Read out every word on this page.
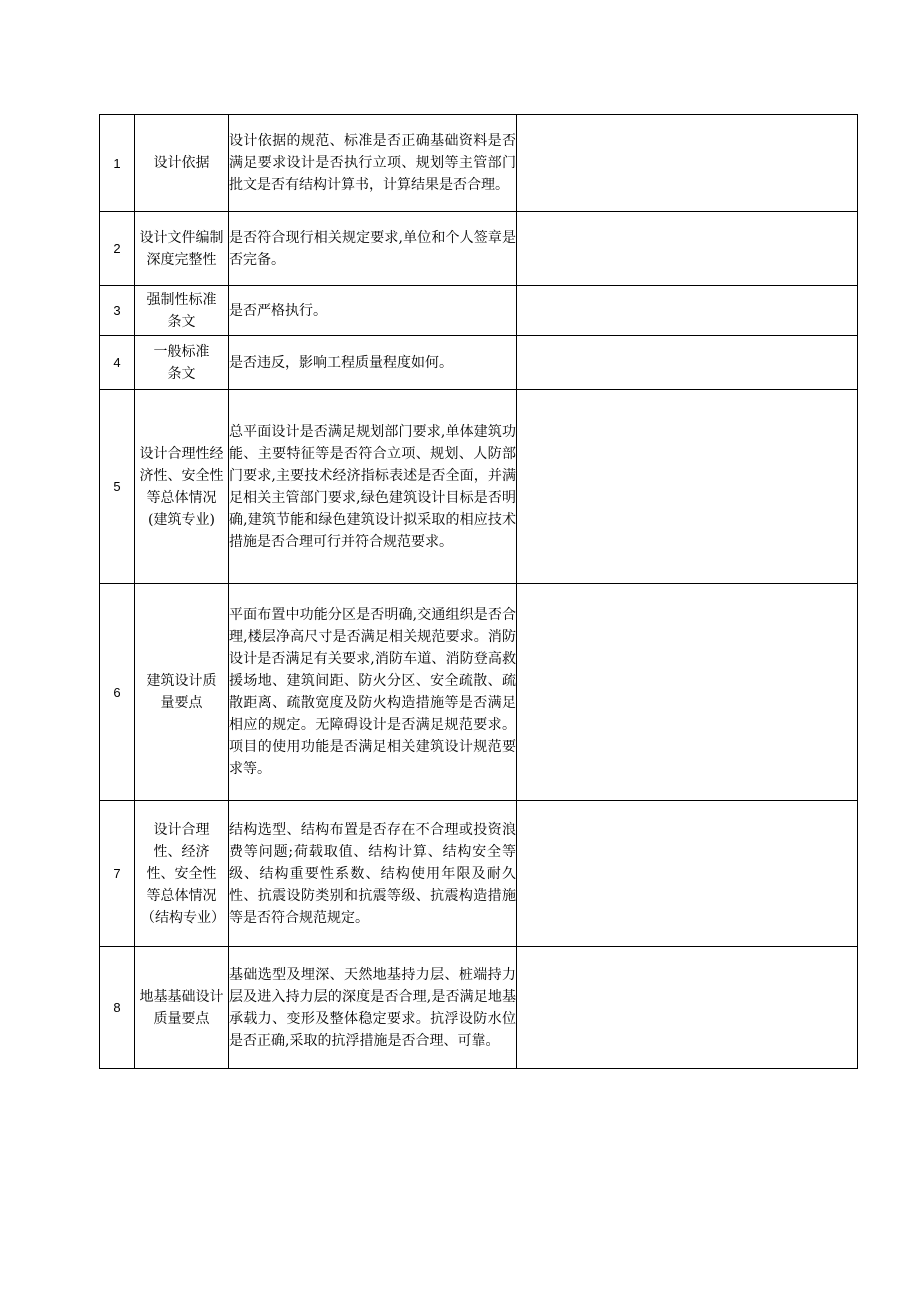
1	设计依据	设计依据的规范、标准是否正确基础资料是否满足要求设计是否执行立项、规划等主管部门批文是否有结构计算书，计算结果是否合理。	
2	设计文件编制深度完整性	是否符合现行相关规定要求,单位和个人签章是否完备。	
3	强制性标准条文	是否严格执行。	
4	一般标准条文	是否违反，影响工程质量程度如何。	
5	设计合理性经济性、安全性等总体情况(建筑专业)	总平面设计是否满足规划部门要求,单体建筑功能、主要特征等是否符合立项、规划、人防部门要求,主要技术经济指标表述是否全面，并满足相关主管部门要求,绿色建筑设计目标是否明确,建筑节能和绿色建筑设计拟采取的相应技术措施是否合理可行并符合规范要求。	
6	建筑设计质量要点	平面布置中功能分区是否明确,交通组织是否合理,楼层净高尺寸是否满足相关规范要求。消防设计是否满足有关要求,消防车道、消防登高救援场地、建筑间距、防火分区、安全疏散、疏散距离、疏散宽度及防火构造措施等是否满足相应的规定。无障碍设计是否满足规范要求。项目的使用功能是否满足相关建筑设计规范要求等。	
7	设计合理性、经济性、安全性等总体情况（结构专业）	结构选型、结构布置是否存在不合理或投资浪费等问题;荷载取值、结构计算、结构安全等级、结构重要性系数、结构使用年限及耐久性、抗震设防类别和抗震等级、抗震构造措施等是否符合规范规定。	
8	地基基础设计质量要点	基础选型及埋深、天然地基持力层、桩端持力层及进入持力层的深度是否合理,是否满足地基承载力、变形及整体稳定要求。抗浮设防水位是否正确,采取的抗浮措施是否合理、可靠。	
